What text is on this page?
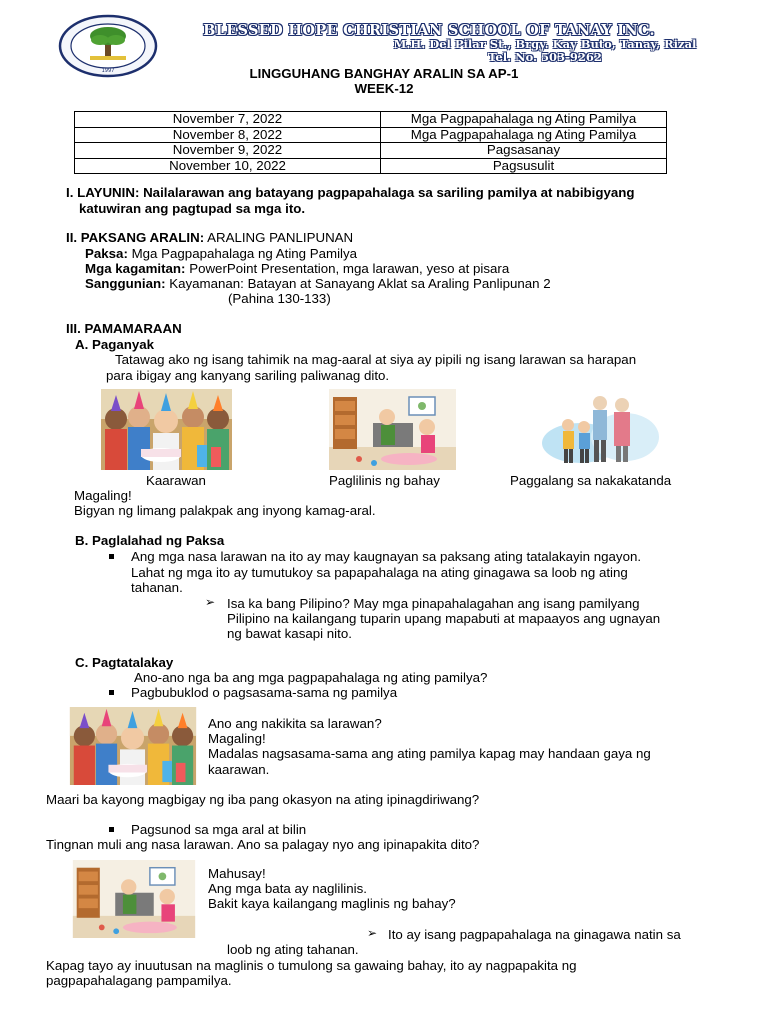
1997
BLESSED HOPE CHRISTIAN SCHOOL OF TANAY INC.
M.H. Del Pilar St., Brgy. Kay Buto, Tanay, Rizal
Tel. No. 503-9262
LINGGUHANG BANGHAY ARALIN SA AP-1
WEEK-12
November 7, 2022	Mga Pagpapahalaga ng Ating Pamilya
November 8, 2022	Mga Pagpapahalaga ng Ating Pamilya
November 9, 2022	Pagsasanay
November 10, 2022	Pagsusulit
I. LAYUNIN: Nailalarawan ang batayang pagpapahalaga sa sariling pamilya at nabibigyang
katuwiran ang pagtupad sa mga ito.
II. PAKSANG ARALIN: ARALING PANLIPUNAN
Paksa: Mga Pagpapahalaga ng Ating Pamilya
Mga kagamitan: PowerPoint Presentation, mga larawan, yeso at pisara
Sanggunian: Kayamanan: Batayan at Sanayang Aklat sa Araling Panlipunan 2
(Pahina 130-133)
III. PAMAMARAAN
A. Paganyak
Tatawag ako ng isang tahimik na mag-aaral at siya ay pipili ng isang larawan sa harapan
para ibigay ang kanyang sariling paliwanag dito.
Kaarawan	Paglilinis ng bahay	Paggalang sa nakakatanda
Magaling!
Bigyan ng limang palakpak ang inyong kamag-aral.
B. Paglalahad ng Paksa
Ang mga nasa larawan na ito ay may kaugnayan sa paksang ating tatalakayin ngayon.
Lahat ng mga ito ay tumutukoy sa papapahalaga na ating ginagawa sa loob ng ating
tahanan.
➢ Isa ka bang Pilipino? May mga pinapahalagahan ang isang pamilyang
Pilipino na kailangang tuparin upang mapabuti at mapaayos ang ugnayan
ng bawat kasapi nito.
C. Pagtatalakay
Ano-ano nga ba ang mga pagpapahalaga ng ating pamilya?
Pagbubuklod o pagsasama-sama ng pamilya
Ano ang nakikita sa larawan?
Magaling!
Madalas nagsasama-sama ang ating pamilya kapag may handaan gaya ng
kaarawan.
Maari ba kayong magbigay ng iba pang okasyon na ating ipinagdiriwang?
Pagsunod sa mga aral at bilin
Tingnan muli ang nasa larawan. Ano sa palagay nyo ang ipinapakita dito?
Mahusay!
Ang mga bata ay naglilinis.
Bakit kaya kailangang maglinis ng bahay?
➢ Ito ay isang pagpapahalaga na ginagawa natin sa
loob ng ating tahanan.
Kapag tayo ay inuutusan na maglinis o tumulong sa gawaing bahay, ito ay nagpapakita ng
pagpapahalagang pampamilya.
